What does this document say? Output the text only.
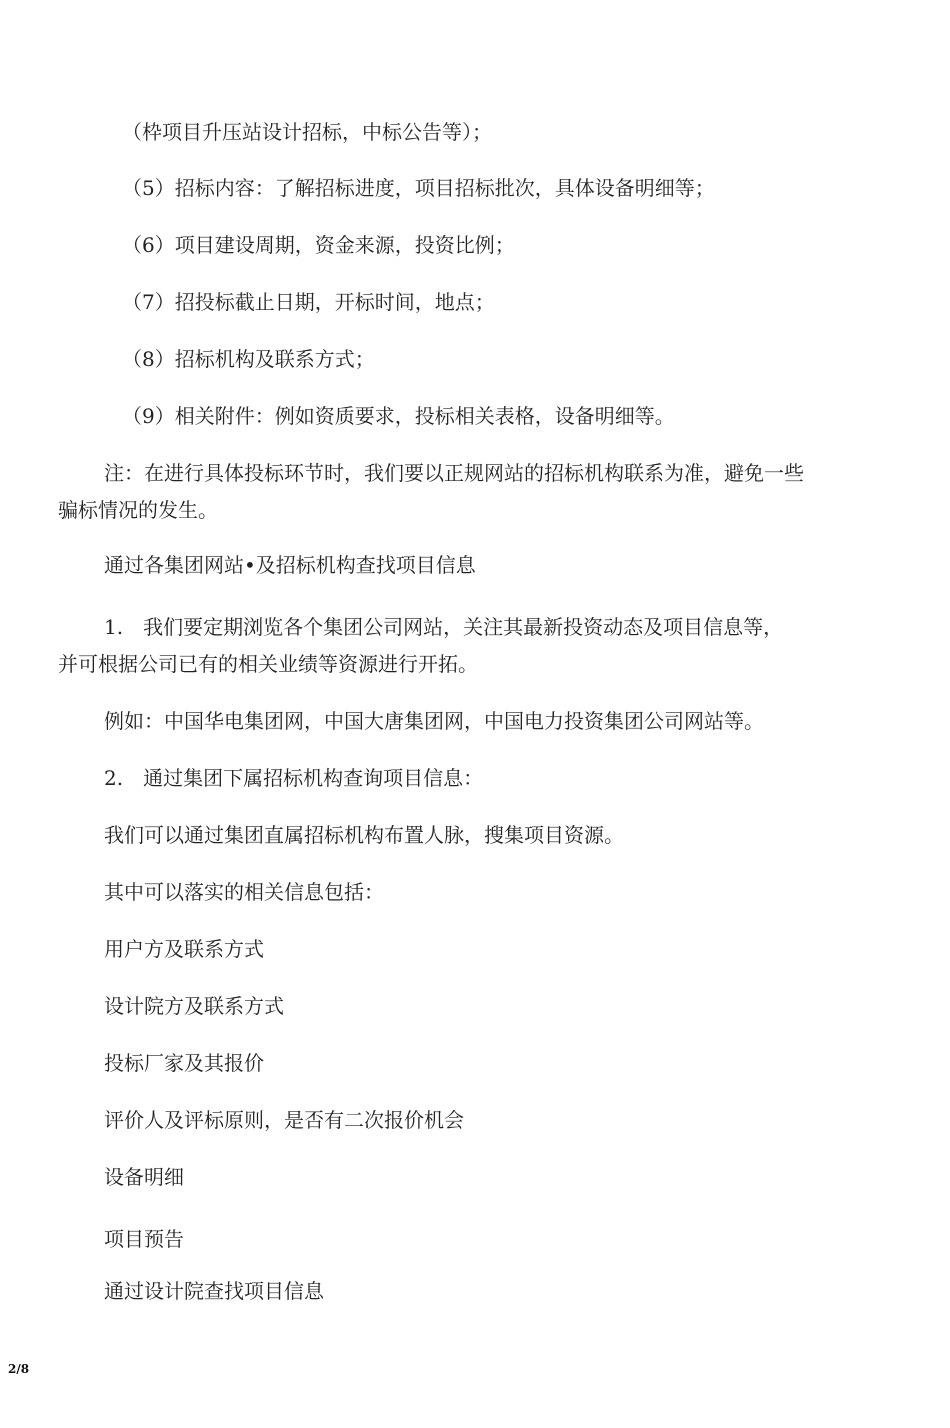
（枠项目升压站设计招标，中标公告等）；
（5）招标内容：了解招标进度，项目招标批次，具体设备明细等；
（6）项目建设周期，资金来源，投资比例；
（7）招投标截止日期，开标时间，地点；
（8）招标机构及联系方式；
（9）相关附件：例如资质要求，投标相关表格，设备明细等。
注：在进行具体投标环节时，我们要以正规网站的招标机构联系为准，避免一些
骗标情况的发生。
通过各集团网站•及招标机构查找项目信息
1.　我们要定期浏览各个集团公司网站，关注其最新投资动态及项目信息等，
并可根据公司已有的相关业绩等资源进行开拓。
例如：中国华电集团网，中国大唐集团网，中国电力投资集团公司网站等。
2.　通过集团下属招标机构查询项目信息：
我们可以通过集团直属招标机构布置人脉，搜集项目资源。
其中可以落实的相关信息包括：
用户方及联系方式
设计院方及联系方式
投标厂家及其报价
评价人及评标原则，是否有二次报价机会
设备明细
项目预告
通过设计院查找项目信息
2/8
